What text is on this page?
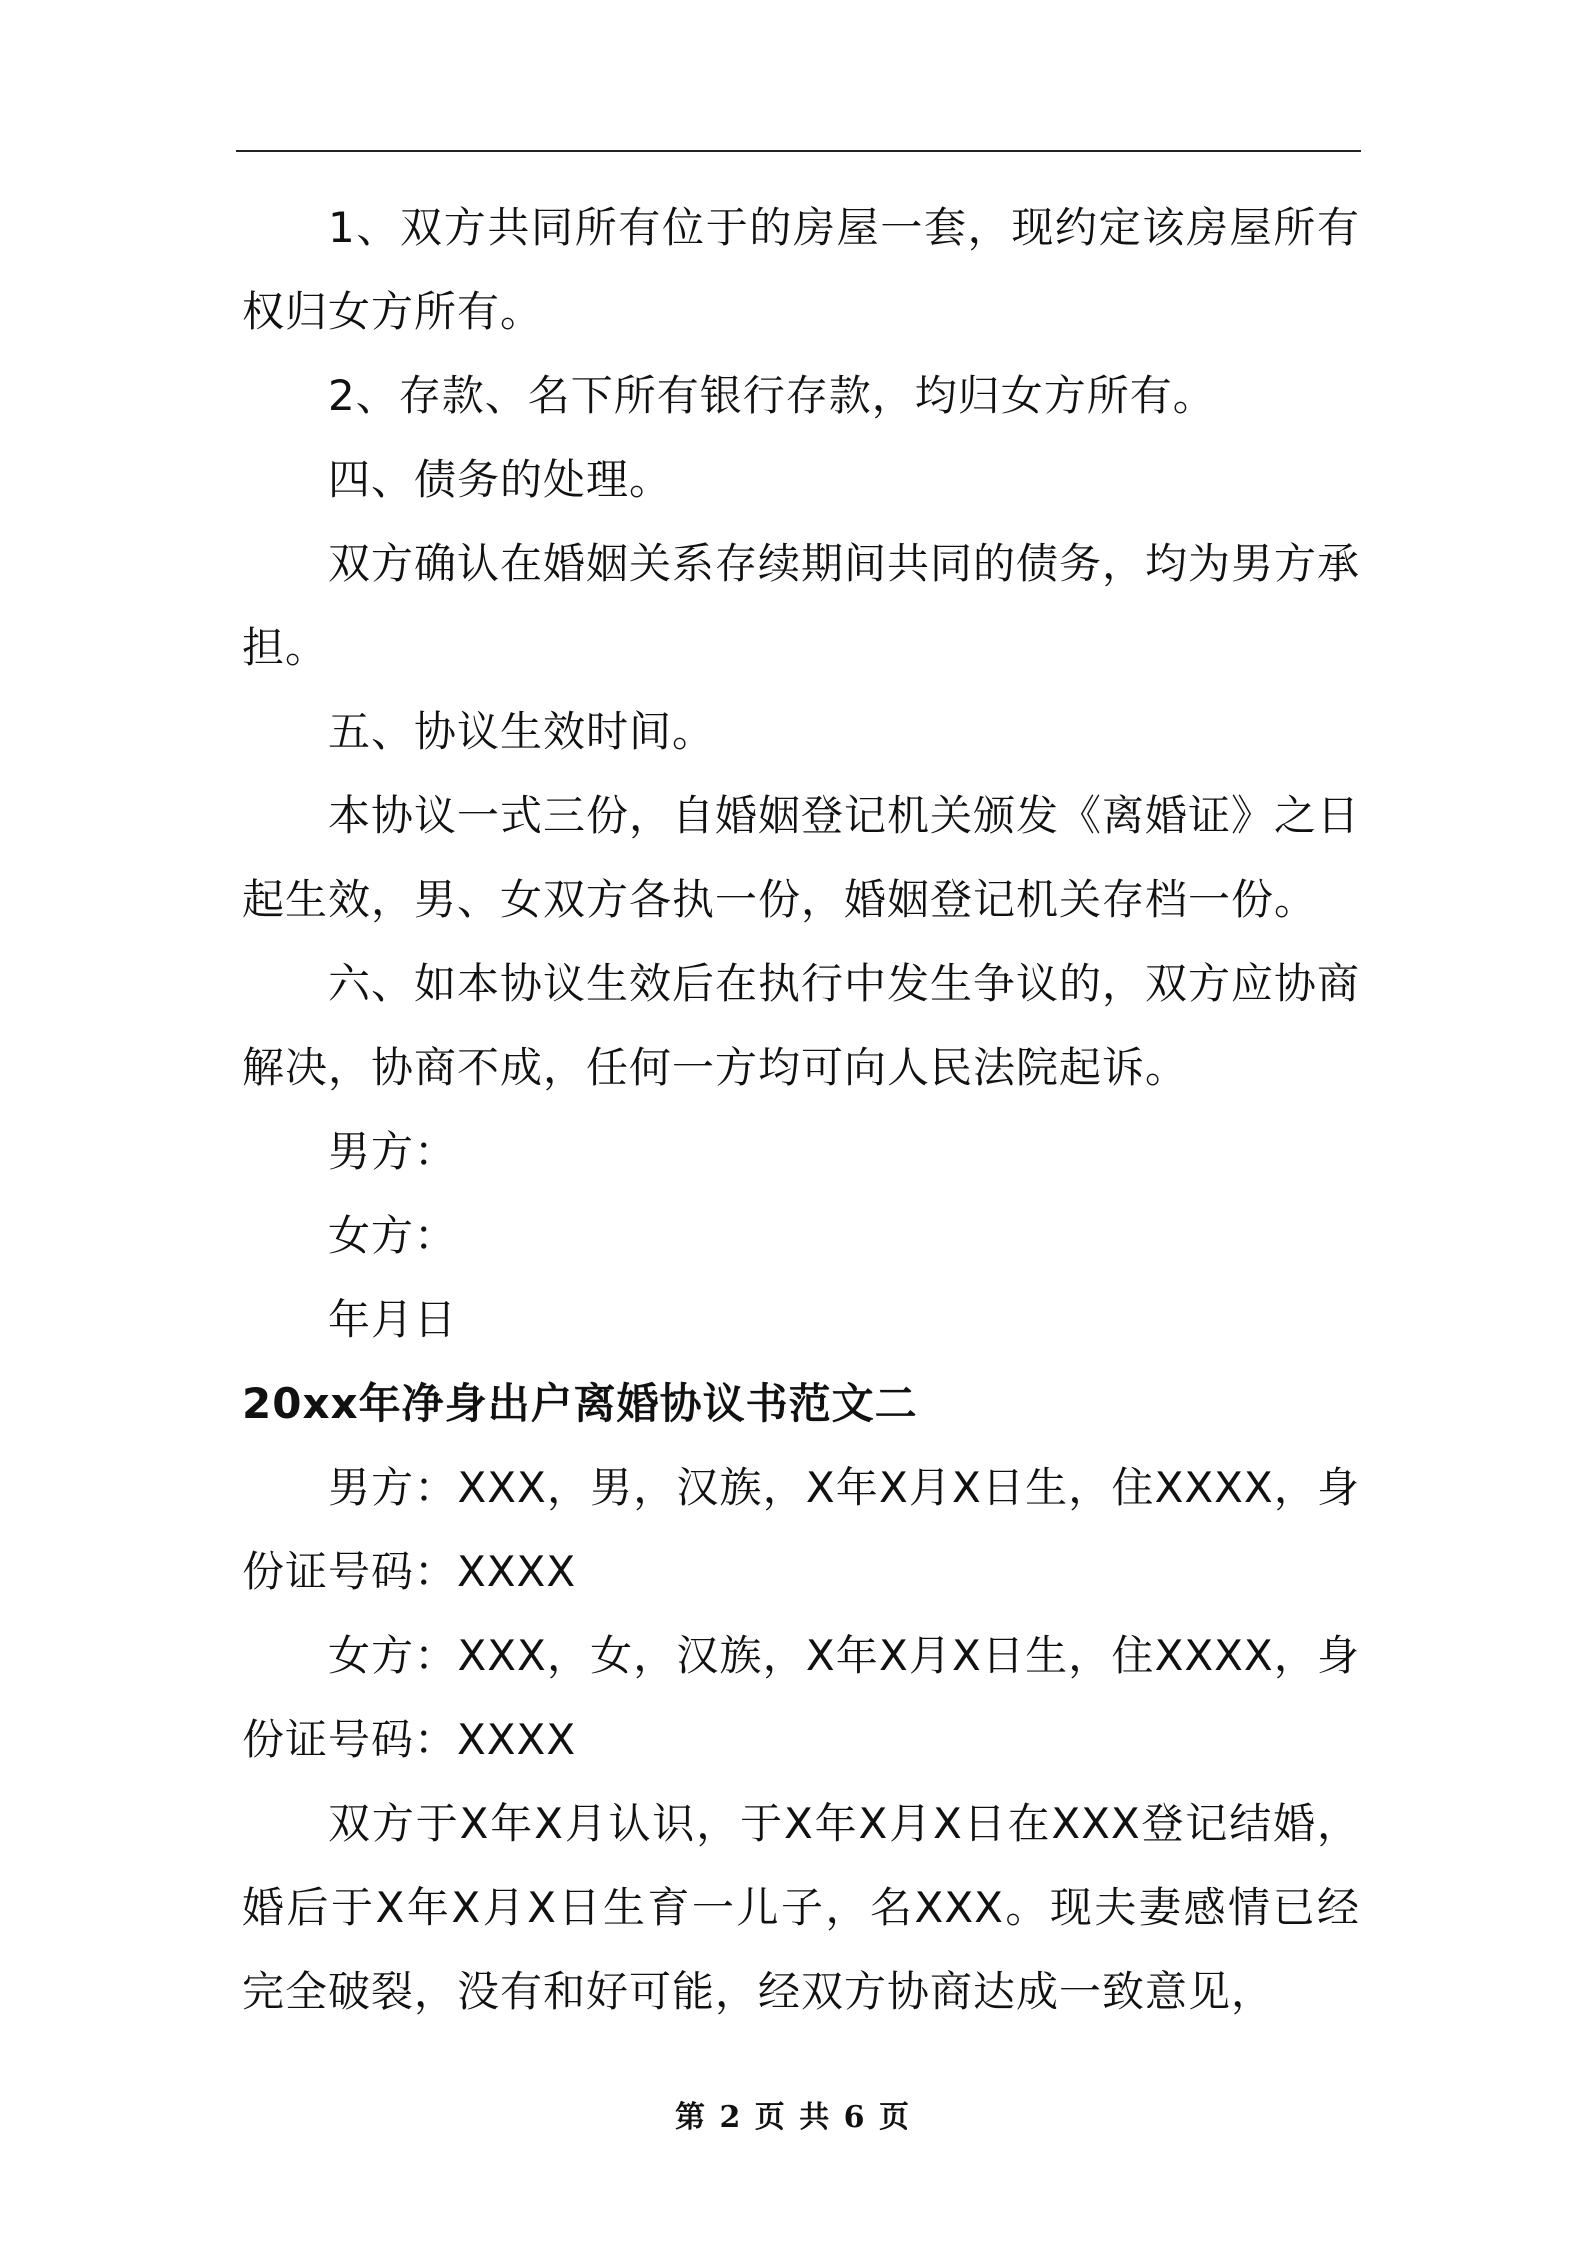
1、双方共同所有位于的房屋一套，现约定该房屋所有权归女方所有。

2、存款、名下所有银行存款，均归女方所有。

四、债务的处理。

双方确认在婚姻关系存续期间共同的债务，均为男方承担。

五、协议生效时间。

本协议一式三份，自婚姻登记机关颁发《离婚证》之日起生效，男、女双方各执一份，婚姻登记机关存档一份。

六、如本协议生效后在执行中发生争议的，双方应协商解决，协商不成，任何一方均可向人民法院起诉。

男方：

女方：

年月日

20xx年净身出户离婚协议书范文二

男方：XXX，男，汉族，X年X月X日生，住XXXX，身份证号码：XXXX

女方：XXX，女，汉族，X年X月X日生，住XXXX，身份证号码：XXXX

双方于X年X月认识，于X年X月X日在XXX登记结婚，婚后于X年X月X日生育一儿子，名XXX。现夫妻感情已经完全破裂，没有和好可能，经双方协商达成一致意见，

第 2 页 共 6 页
